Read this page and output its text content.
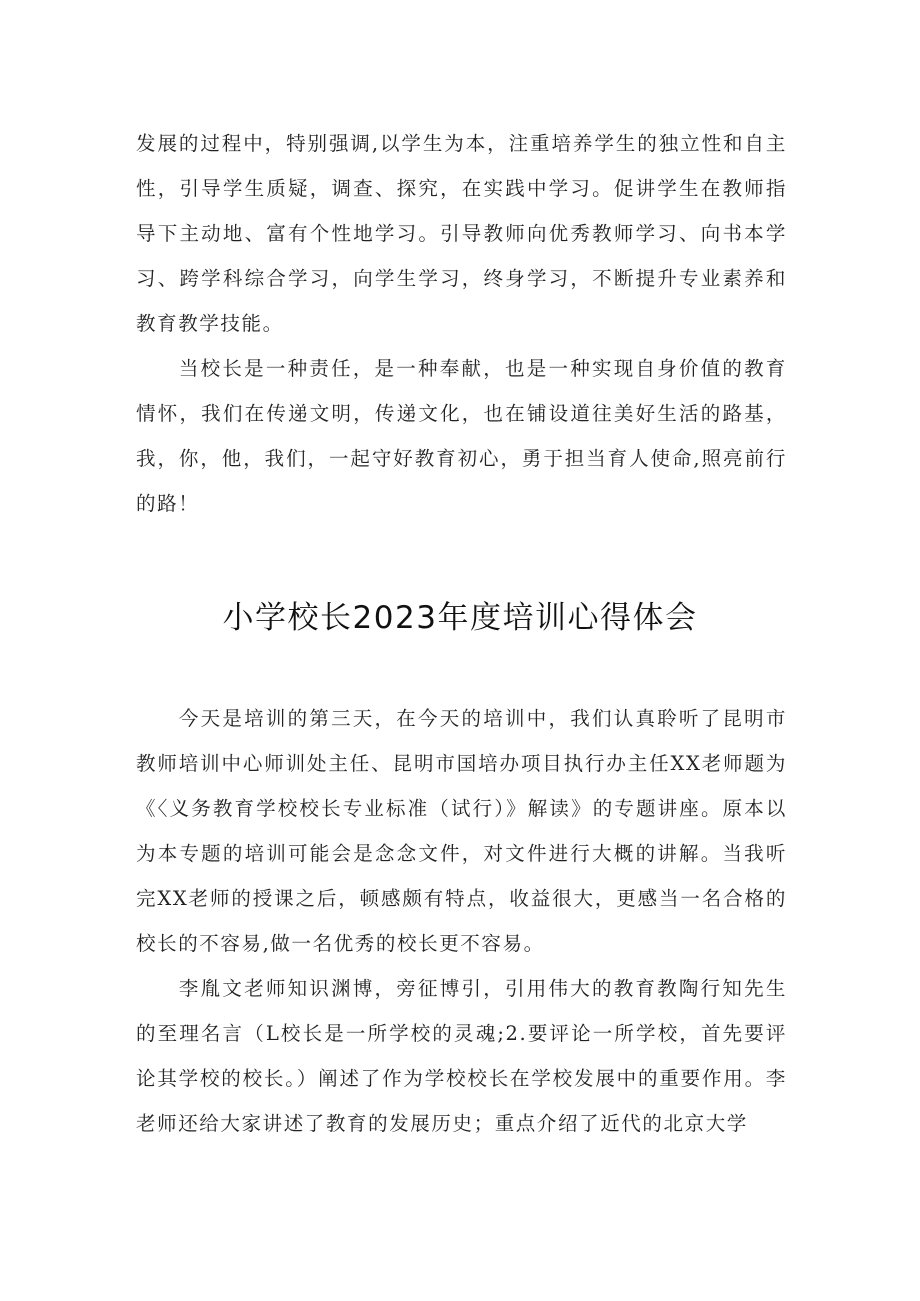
发展的过程中，特别强调,以学生为本，注重培养学生的独立性和自主性，引导学生质疑，调查、探究，在实践中学习。促讲学生在教师指导下主动地、富有个性地学习。引导教师向优秀教师学习、向书本学习、跨学科综合学习，向学生学习，终身学习，不断提升专业素养和教育教学技能。

当校长是一种责任，是一种奉献，也是一种实现自身价值的教育情怀，我们在传递文明，传递文化，也在铺设道往美好生活的路基，我，你，他，我们，一起守好教育初心，勇于担当育人使命,照亮前行的路！

小学校长2023年度培训心得体会

今天是培训的第三天，在今天的培训中，我们认真聆听了昆明市教师培训中心师训处主任、昆明市国培办项目执行办主任XX老师题为《〈义务教育学校校长专业标准（试行）》解读》的专题讲座。原本以为本专题的培训可能会是念念文件，对文件进行大概的讲解。当我听完XX老师的授课之后，顿感颇有特点，收益很大，更感当一名合格的校长的不容易,做一名优秀的校长更不容易。

李胤文老师知识渊博，旁征博引，引用伟大的教育教陶行知先生的至理名言（L校长是一所学校的灵魂;2.要评论一所学校，首先要评论其学校的校长。）阐述了作为学校校长在学校发展中的重要作用。李老师还给大家讲述了教育的发展历史；重点介绍了近代的北京大学
